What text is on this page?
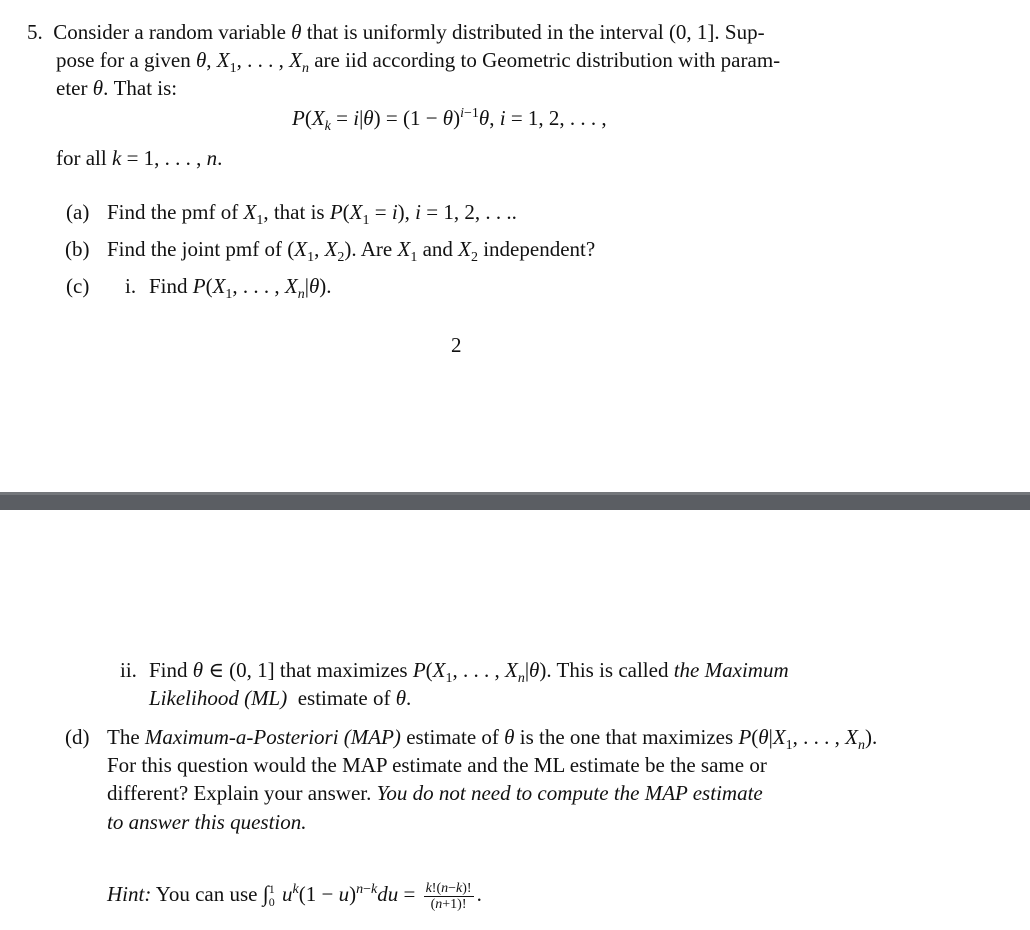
5.  Consider a random variable θ that is uniformly distributed in the interval (0, 1]. Sup-
pose for a given θ, $X_1$, . . . , $X_n$ are iid according to Geometric distribution with param-
eter θ. That is:
$P(X_k = i|\theta) = (1 - \theta)^{i-1}\theta$, i = 1, 2, . . . ,
for all k = 1, . . . , n.
(a) Find the pmf of $X_1$, that is $P(X_1 = i)$, i = 1, 2, . . ..
(b) Find the joint pmf of ($X_1$, $X_2$). Are $X_1$ and $X_2$ independent?
(c) i. Find $P(X_1$, . . . , $X_n|\theta$).
2
ii. Find θ ∈ (0, 1] that maximizes $P(X_1$, . . . , $X_n|\theta$). This is called the Maximum
Likelihood (ML)  estimate of θ.
(d) The Maximum-a-Posteriori (MAP) estimate of θ is the one that maximizes $P(\theta|X_1$, . . . , $X_n$).
For this question would the MAP estimate and the ML estimate be the same or
different? Explain your answer. You do not need to compute the MAP estimate
to answer this question.
Hint: You can use ∫ 1
0 $u^k(1 - u)^{n-k}du = \frac{k!(n-k)!}{(n+1)!}$ .
